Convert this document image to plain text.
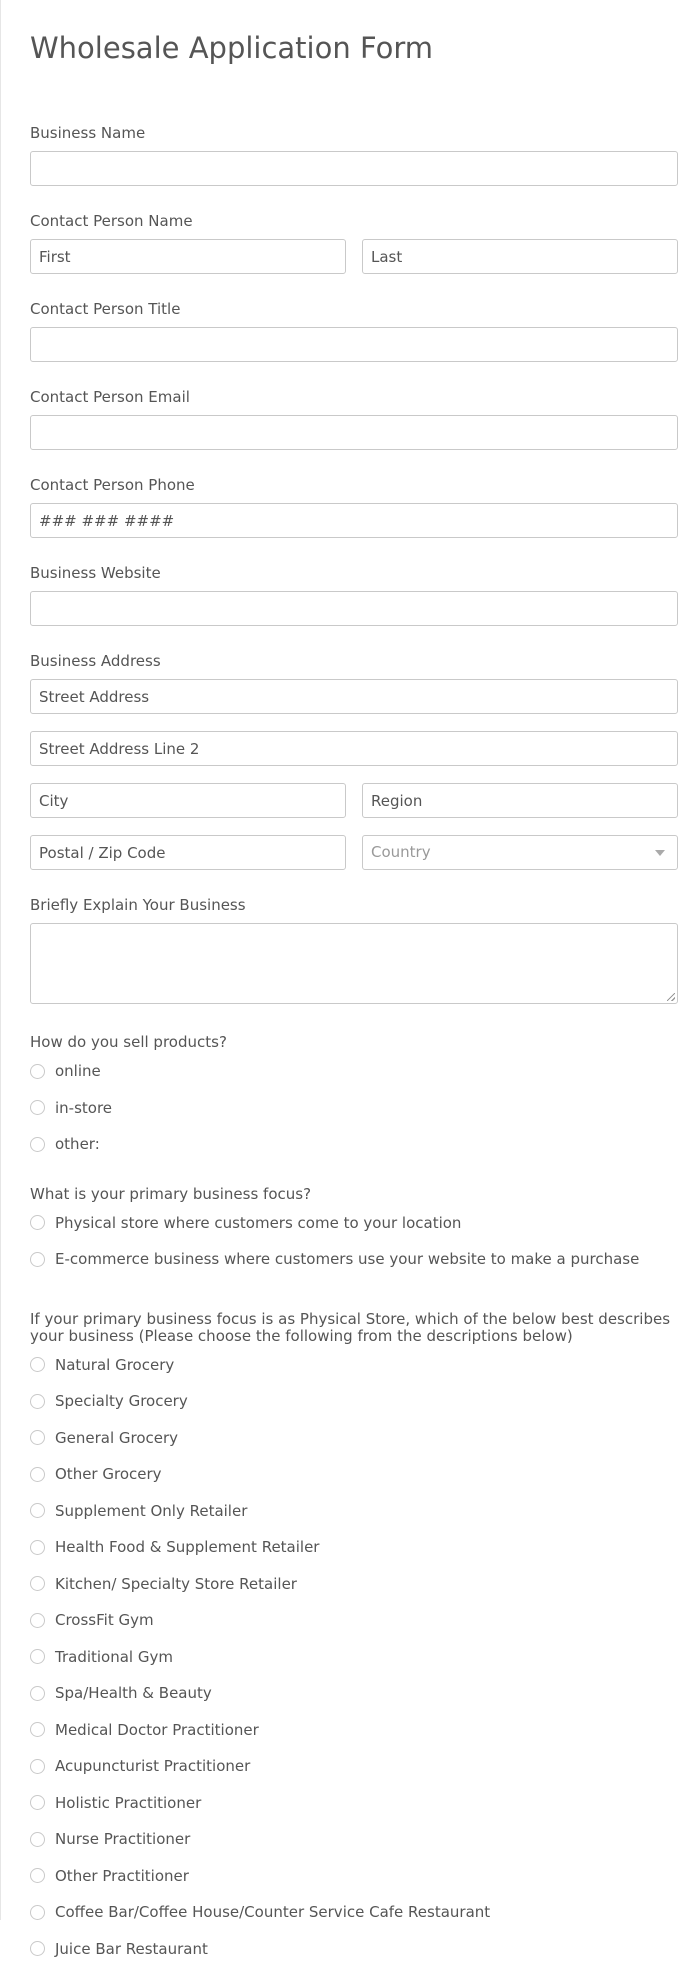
Wholesale Application Form
Business Name
Contact Person Name
First
Last
Contact Person Title
Contact Person Email
Contact Person Phone
### ### ####
Business Website
Business Address
Street Address
Street Address Line 2
City
Region
Postal / Zip Code
Country
Briefly Explain Your Business
How do you sell products?
online
in-store
other:
What is your primary business focus?
Physical store where customers come to your location
E-commerce business where customers use your website to make a purchase
If your primary business focus is as Physical Store, which of the below best describes your business (Please choose the following from the descriptions below)
Natural Grocery
Specialty Grocery
General Grocery
Other Grocery
Supplement Only Retailer
Health Food & Supplement Retailer
Kitchen/ Specialty Store Retailer
CrossFit Gym
Traditional Gym
Spa/Health & Beauty
Medical Doctor Practitioner
Acupuncturist Practitioner
Holistic Practitioner
Nurse Practitioner
Other Practitioner
Coffee Bar/Coffee House/Counter Service Cafe Restaurant
Juice Bar Restaurant
